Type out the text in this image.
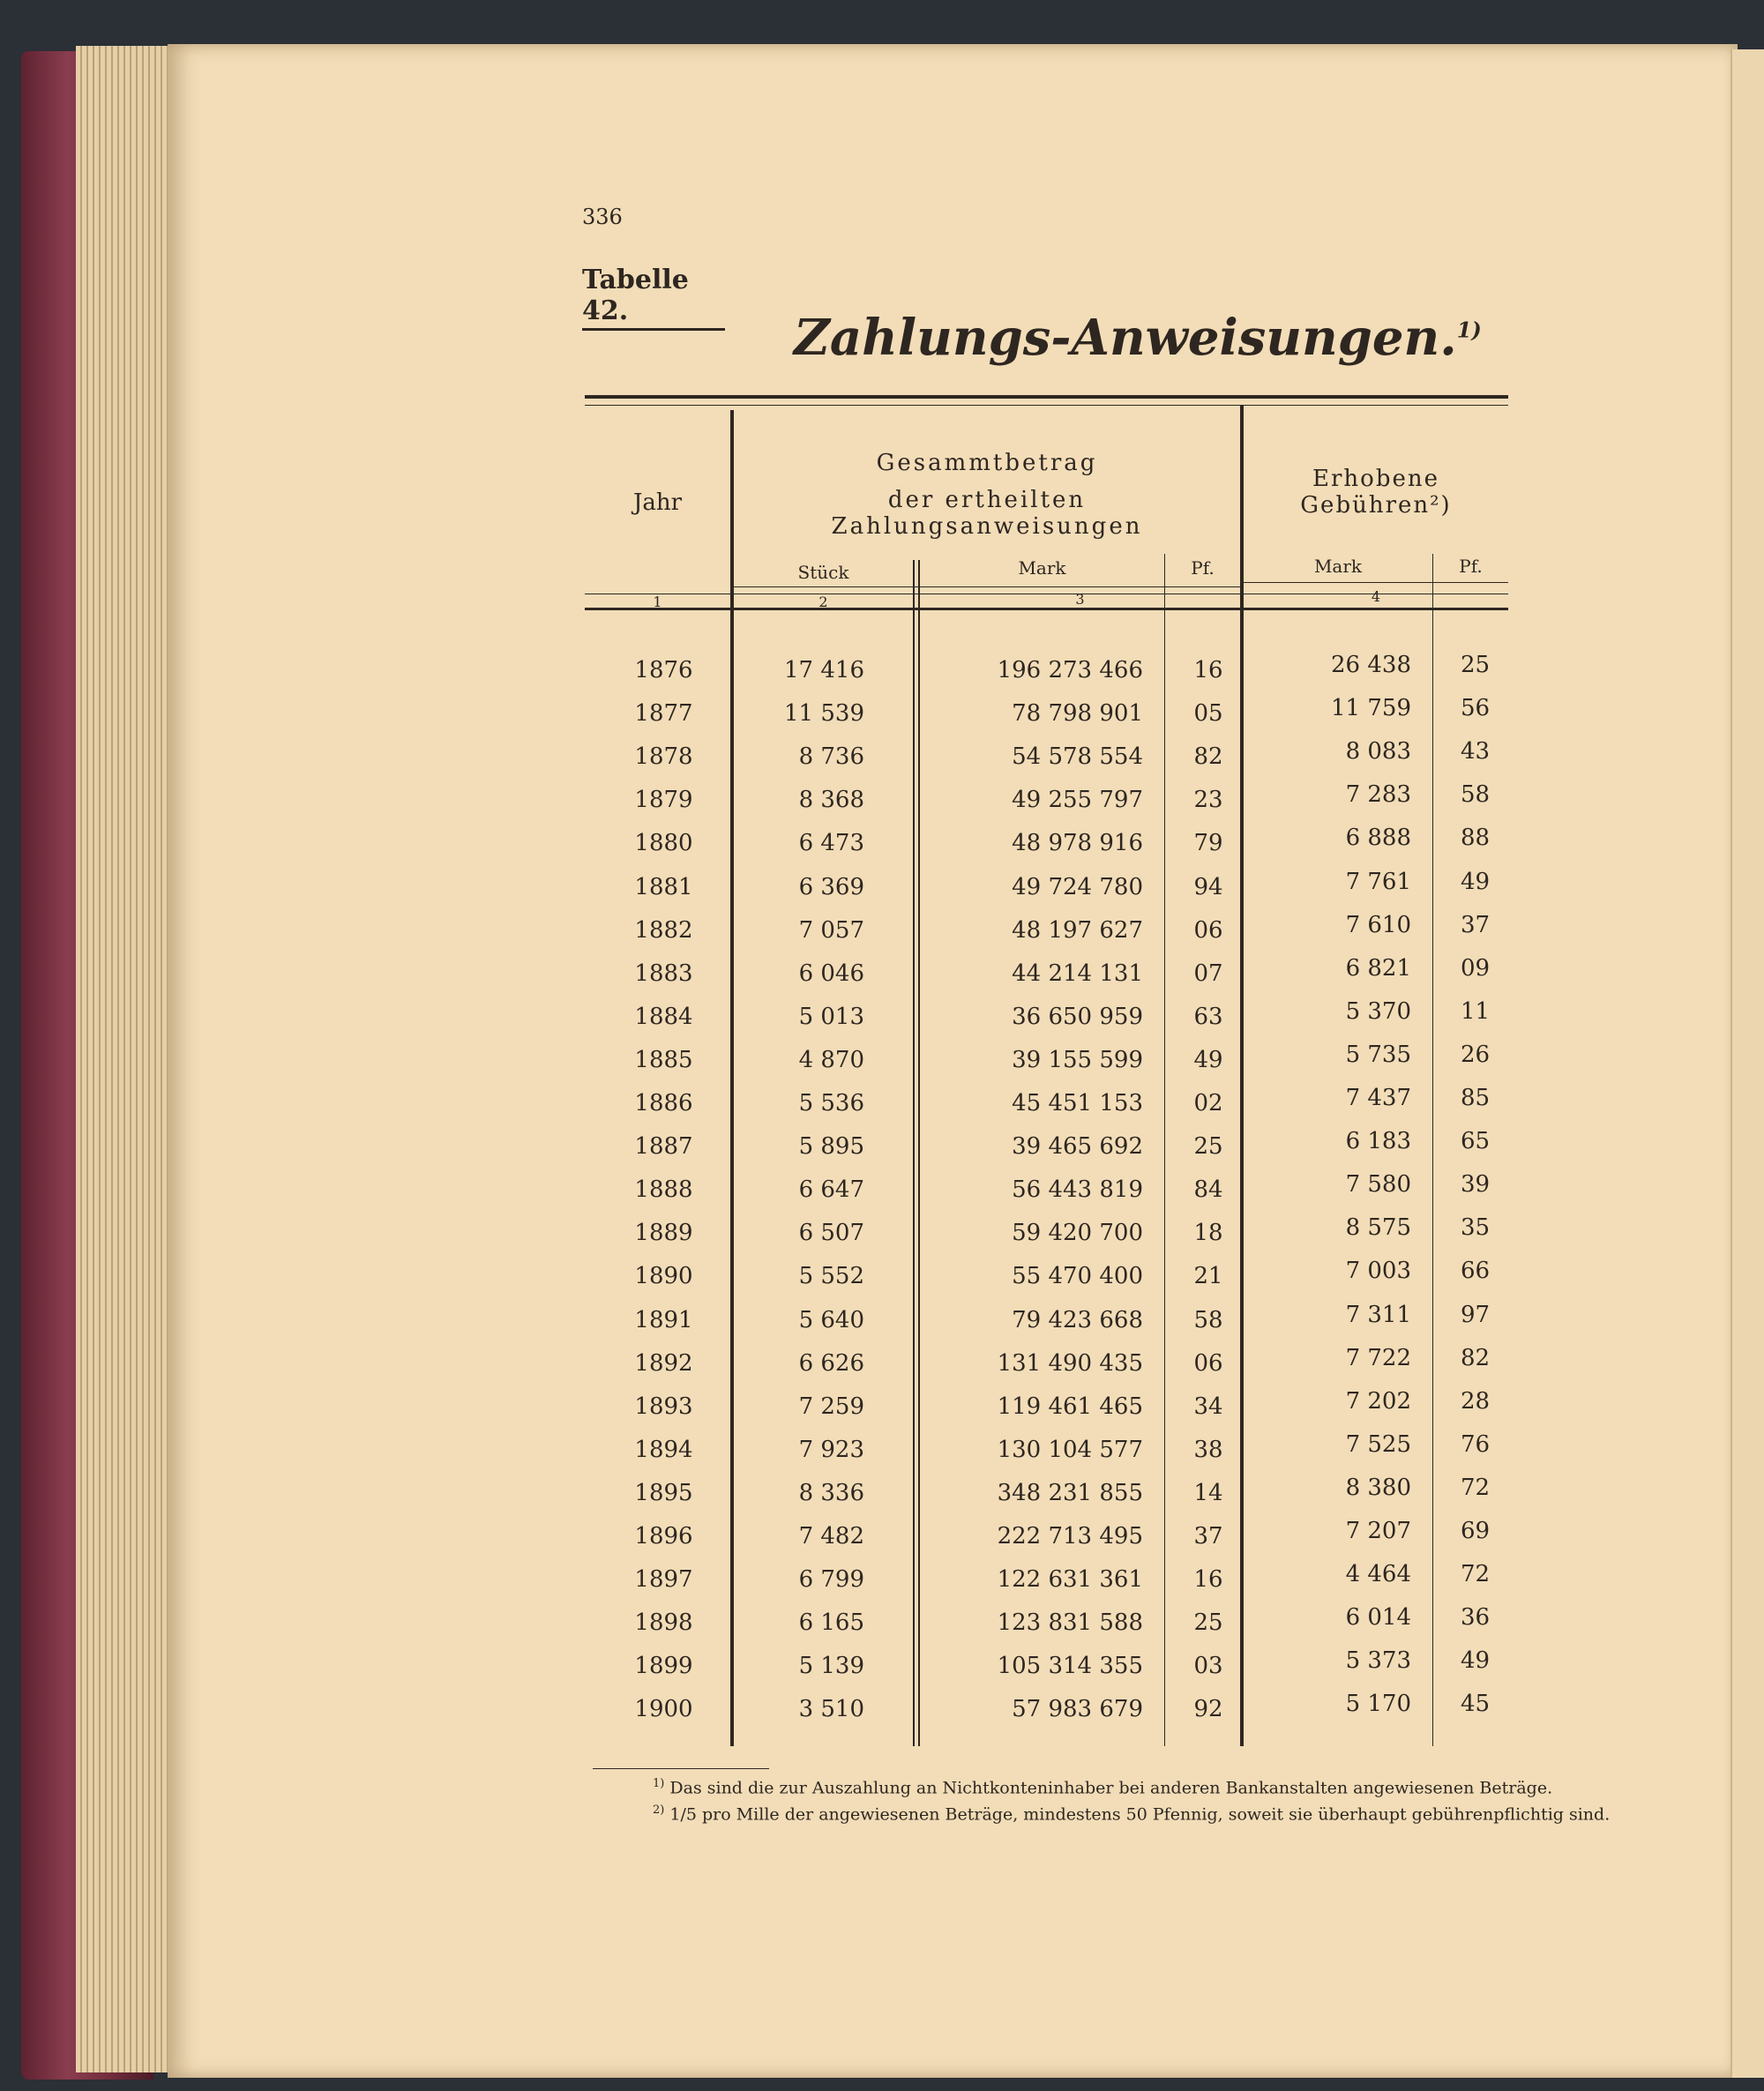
336
Tabelle 42.	Zahlungs-Anweisungen.$^{1)}$
Jahr
Gesammtbetrag
der ertheilten Zahlungsanweisungen
Erhobene Gebühren²)
Stück	Mark	Pf.	Mark	Pf.
1	2	3	4
1876	17 416	196 273 466	16	26 438	25
1877	11 539	78 798 901	05	11 759	56
1878	8 736	54 578 554	82	8 083	43
1879	8 368	49 255 797	23	7 283	58
1880	6 473	48 978 916	79	6 888	88
1881	6 369	49 724 780	94	7 761	49
1882	7 057	48 197 627	06	7 610	37
1883	6 046	44 214 131	07	6 821	09
1884	5 013	36 650 959	63	5 370	11
1885	4 870	39 155 599	49	5 735	26
1886	5 536	45 451 153	02	7 437	85
1887	5 895	39 465 692	25	6 183	65
1888	6 647	56 443 819	84	7 580	39
1889	6 507	59 420 700	18	8 575	35
1890	5 552	55 470 400	21	7 003	66
1891	5 640	79 423 668	58	7 311	97
1892	6 626	131 490 435	06	7 722	82
1893	7 259	119 461 465	34	7 202	28
1894	7 923	130 104 577	38	7 525	76
1895	8 336	348 231 855	14	8 380	72
1896	7 482	222 713 495	37	7 207	69
1897	6 799	122 631 361	16	4 464	72
1898	6 165	123 831 588	25	6 014	36
1899	5 139	105 314 355	03	5 373	49
1900	3 510	57 983 679	92	5 170	45
$^{1)}$ Das sind die zur Auszahlung an Nichtkonteninhaber bei anderen Bankanstalten angewiesenen Beträge.
$^{2)}$ 1/5 pro Mille der angewiesenen Beträge, mindestens 50 Pfennig, soweit sie überhaupt gebührenpflichtig sind.
